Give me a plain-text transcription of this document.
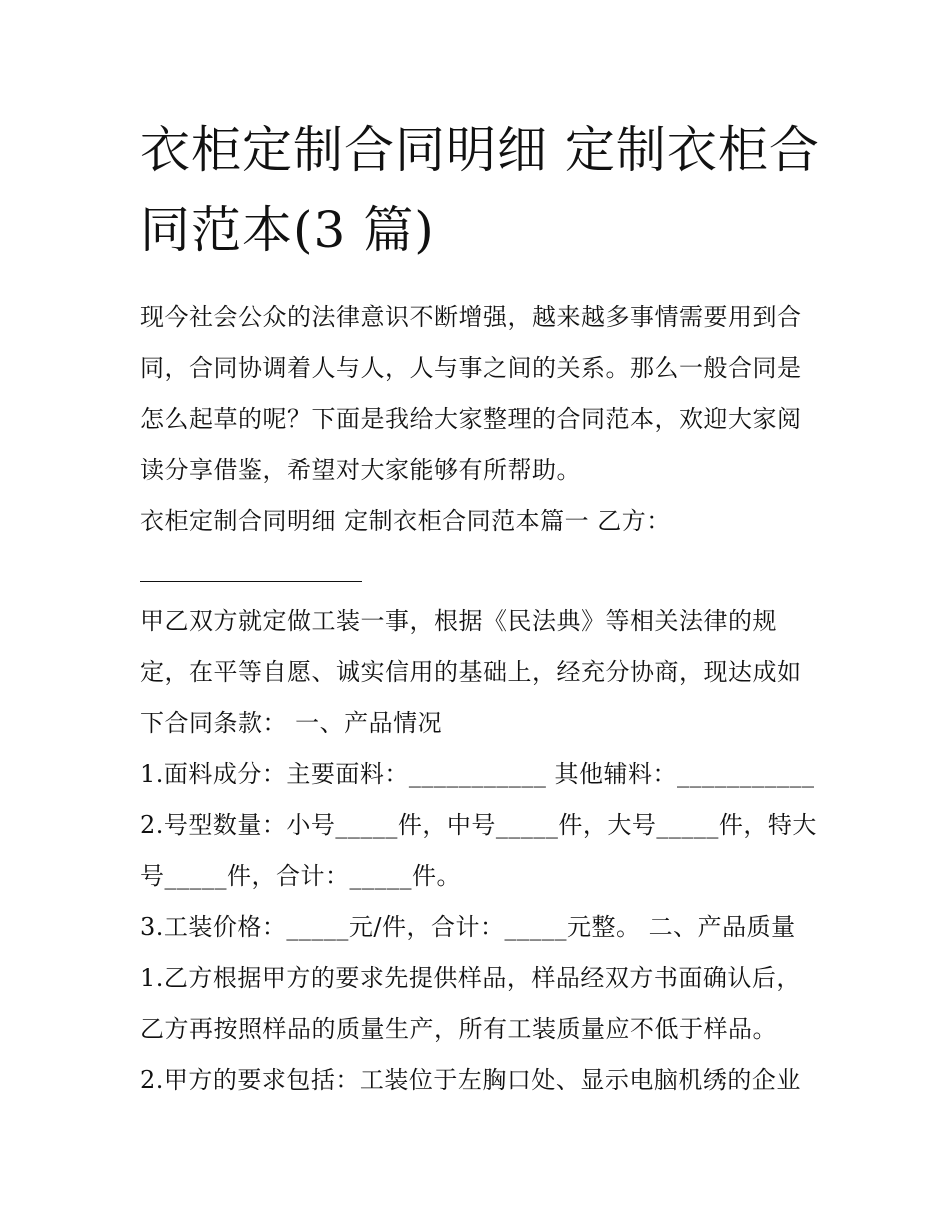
衣柜定制合同明细 定制衣柜合
同范本(3 篇)

现今社会公众的法律意识不断增强，越来越多事情需要用到合同，合同协调着人与人，人与事之间的关系。那么一般合同是怎么起草的呢？下面是我给大家整理的合同范本，欢迎大家阅读分享借鉴，希望对大家能够有所帮助。

衣柜定制合同明细 定制衣柜合同范本篇一 乙方：

甲乙双方就定做工装一事，根据《民法典》等相关法律的规定，在平等自愿、诚实信用的基础上，经充分协商，现达成如下合同条款： 一、产品情况

1.面料成分：主要面料：___________ 其他辅料：___________

2.号型数量：小号_____件，中号_____件，大号_____件，特大号_____件，合计：_____件。

3.工装价格：_____元/件，合计：_____元整。 二、产品质量

1.乙方根据甲方的要求先提供样品，样品经双方书面确认后，乙方再按照样品的质量生产，所有工装质量应不低于样品。

2.甲方的要求包括：工装位于左胸口处、显示电脑机绣的企业
